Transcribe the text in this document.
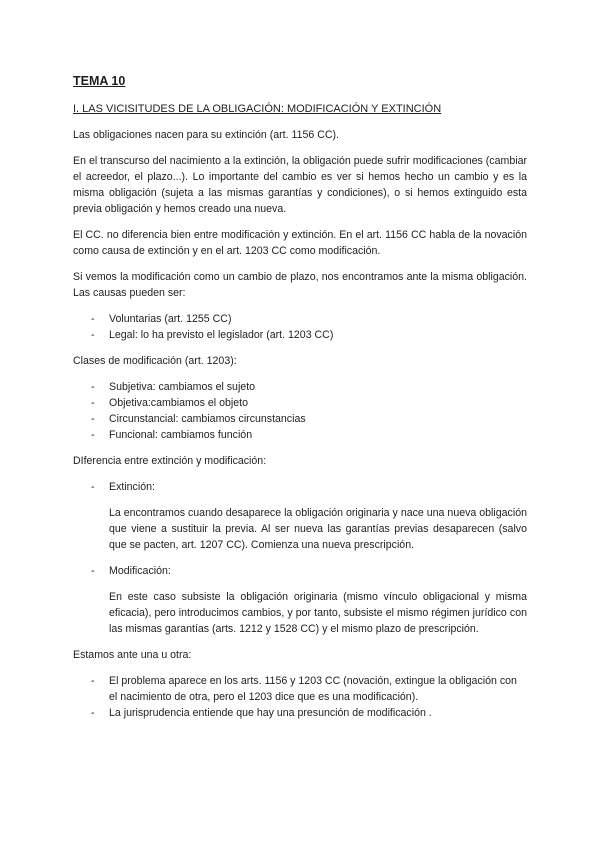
TEMA 10
I. LAS VICISITUDES DE LA OBLIGACIÓN: MODIFICACIÓN Y EXTINCIÓN

Las obligaciones nacen para su extinción (art. 1156 CC).

En el transcurso del nacimiento a la extinción, la obligación puede sufrir modificaciones (cambiar el acreedor, el plazo...). Lo importante del cambio es ver si hemos hecho un cambio y es la misma obligación (sujeta a las mismas garantías y condiciones), o si hemos extinguido esta previa obligación y hemos creado una nueva.

El CC. no diferencia bien entre modificación y extinción. En el art. 1156 CC habla de la novación como causa de extinción y en el art. 1203 CC como modificación.

Si vemos la modificación como un cambio de plazo, nos encontramos ante la misma obligación. Las causas pueden ser:

- Voluntarias (art. 1255 CC)
- Legal: lo ha previsto el legislador (art. 1203 CC)

Clases de modificación (art. 1203):

- Subjetiva: cambiamos el sujeto
- Objetiva:cambiamos el objeto
- Circunstancial: cambiamos circunstancias
- Funcional: cambiamos función

DIferencia entre extinción y modificación:

- Extinción:

La encontramos cuando desaparece la obligación originaria y nace una nueva obligación que viene a sustituir la previa. Al ser nueva las garantías previas desaparecen (salvo que se pacten, art. 1207 CC). Comienza una nueva prescripción.

- Modificación:

En este caso subsiste la obligación originaria (mismo vínculo obligacional y misma eficacia), pero introducimos cambios, y por tanto, subsiste el mismo régimen jurídico con las mismas garantías (arts. 1212 y 1528 CC) y el mismo plazo de prescripción.

Estamos ante una u otra:

- El problema aparece en los arts. 1156 y 1203 CC (novación, extingue la obligación con el nacimiento de otra, pero el 1203 dice que es una modificación).
- La jurisprudencia entiende que hay una presunción de modificación .
